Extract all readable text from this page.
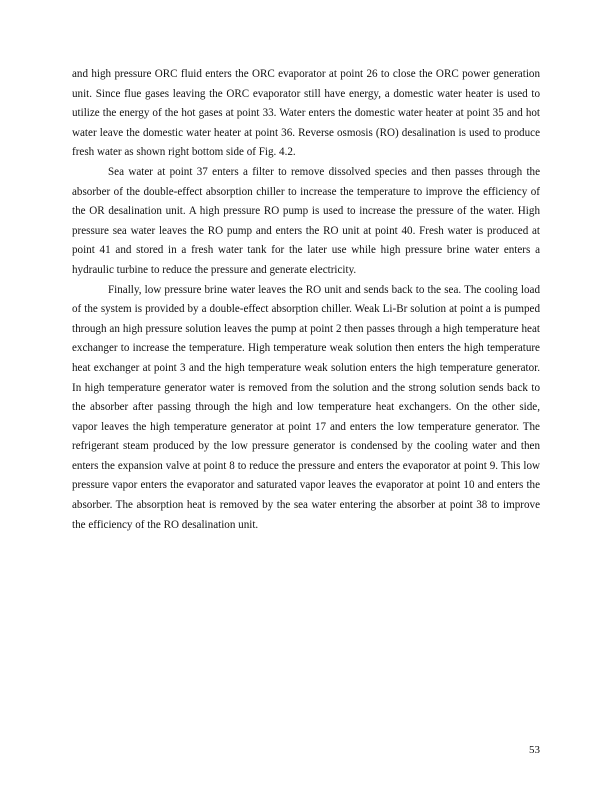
and high pressure ORC fluid enters the ORC evaporator at point 26 to close the ORC power generation unit. Since flue gases leaving the ORC evaporator still have energy, a domestic water heater is used to utilize the energy of the hot gases at point 33. Water enters the domestic water heater at point 35 and hot water leave the domestic water heater at point 36. Reverse osmosis (RO) desalination is used to produce fresh water as shown right bottom side of Fig. 4.2.

Sea water at point 37 enters a filter to remove dissolved species and then passes through the absorber of the double-effect absorption chiller to increase the temperature to improve the efficiency of the OR desalination unit. A high pressure RO pump is used to increase the pressure of the water. High pressure sea water leaves the RO pump and enters the RO unit at point 40. Fresh water is produced at point 41 and stored in a fresh water tank for the later use while high pressure brine water enters a hydraulic turbine to reduce the pressure and generate electricity.

Finally, low pressure brine water leaves the RO unit and sends back to the sea. The cooling load of the system is provided by a double-effect absorption chiller. Weak Li-Br solution at point a is pumped through an high pressure solution leaves the pump at point 2 then passes through a high temperature heat exchanger to increase the temperature. High temperature weak solution then enters the high temperature heat exchanger at point 3 and the high temperature weak solution enters the high temperature generator. In high temperature generator water is removed from the solution and the strong solution sends back to the absorber after passing through the high and low temperature heat exchangers. On the other side, vapor leaves the high temperature generator at point 17 and enters the low temperature generator. The refrigerant steam produced by the low pressure generator is condensed by the cooling water and then enters the expansion valve at point 8 to reduce the pressure and enters the evaporator at point 9. This low pressure vapor enters the evaporator and saturated vapor leaves the evaporator at point 10 and enters the absorber. The absorption heat is removed by the sea water entering the absorber at point 38 to improve the efficiency of the RO desalination unit.

53
